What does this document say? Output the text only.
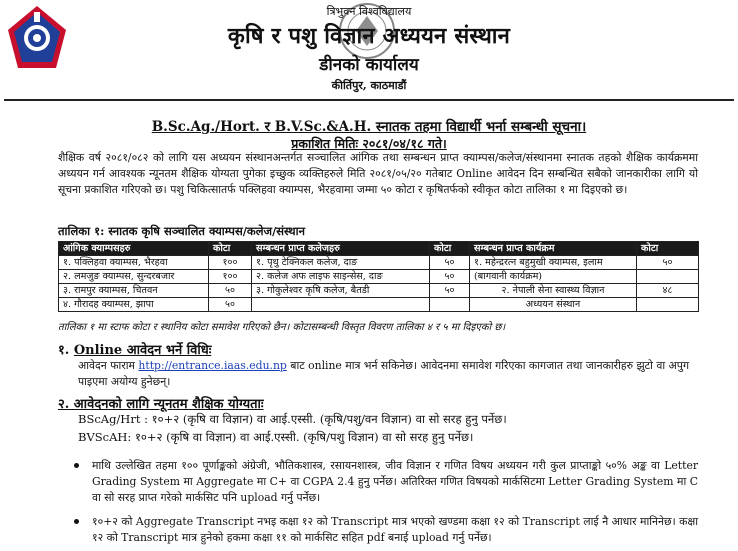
त्रिभुवन विश्वविद्यालय
कृषि र पशु विज्ञान अध्ययन संस्थान
डीनको कार्यालय
कीर्तिपुर, काठमाडौं
B.Sc.Ag./Hort. र B.V.Sc.&A.H. स्नातक तहमा विद्यार्थी भर्ना सम्बन्धी सूचना।
प्रकाशित मितिः २०८१/०४/१८ गते।
शैक्षिक वर्ष २०८१/०८२ को लागि यस अध्ययन संस्थानअन्तर्गत सञ्चालित आंगिक तथा सम्बन्धन प्राप्त क्याम्पस/कलेज/संस्थानमा स्नातक तहको शैक्षिक कार्यक्रममा अध्ययन गर्न आवश्यक न्यूनतम शैक्षिक योग्यता पुगेका इच्छुक व्यक्तिहरुले मिति २०८१/०५/२० गतेबाट Online आवेदन दिन सम्बन्धित सबैको जानकारीका लागि यो सूचना प्रकाशित गरिएको छ। पशु चिकित्सातर्फ पक्लिहवा क्याम्पस, भैरहवामा जम्मा ५० कोटा र कृषितर्फको स्वीकृत कोटा तालिका १ मा दिइएको छ।
तालिका १: स्नातक कृषि सञ्चालित क्याम्पस/कलेज/संस्थान
आंगिक क्याम्पसहरु	कोटा	सम्बन्धन प्राप्त कलेजहरु	कोटा	सम्बन्धन प्राप्त कार्यक्रम	कोटा
१. पक्लिहवा क्याम्पस, भैरहवा	१००	१. पृथु टेक्निकल कलेज, दाङ	५०	१. महेन्द्ररत्न बहुमुखी क्याम्पस, इलाम	५०
२. लमजुङ क्याम्पस, सुन्दरबजार	१००	२. कलेज अफ लाइफ साइन्सेस, दाङ	५०	(बागवानी कार्यक्रम)	
३. रामपुर क्याम्पस, चितवन	५०	३. गोकुलेश्वर कृषि कलेज, बैतडी	५०	२. नेपाली सेना स्वास्थ्य विज्ञान	४८
४. गौरादह क्याम्पस, झापा	५०			अध्ययन संस्थान	
तालिका १ मा स्टाफ कोटा र स्थानिय कोटा समावेश गरिएको छैन। कोटासम्बन्धी विस्तृत विवरण तालिका ४ र ५ मा दिइएको छ।
१. Online आवेदन भर्ने विधिः
आवेदन फाराम http://entrance.iaas.edu.np बाट online मात्र भर्न सकिनेछ। आवेदनमा समावेश गरिएका कागजात तथा जानकारीहरु झुटो वा अपुग पाइएमा अयोग्य हुनेछन्।
२. आवेदनको लागि न्यूनतम शैक्षिक योग्यताः
BScAg/Hrt : १०+२ (कृषि वा विज्ञान) वा आई.एस्सी. (कृषि/पशु/वन विज्ञान) वा सो सरह हुनु पर्नेछ।
BVScAH: १०+२ (कृषि वा विज्ञान) वा आई.एस्सी. (कृषि/पशु विज्ञान) वा सो सरह हुनु पर्नेछ।
माथि उल्लेखित तहमा १०० पूर्णाङ्कको अंग्रेजी, भौतिकशास्त्र, रसायनशास्त्र, जीव विज्ञान र गणित विषय अध्ययन गरी कुल प्राप्ताङ्को ५०% अङ्क वा Letter Grading System मा Aggregate मा C+ वा CGPA 2.4 हुनु पर्नेछ। अतिरिक्त गणित विषयको मार्कसिटमा Letter Grading System मा C वा सो सरह प्राप्त गरेको मार्कसिट पनि upload गर्नु पर्नेछ।
१०+२ को Aggregate Transcript नभइ कक्षा १२ को Transcript मात्र भएको खण्डमा कक्षा १२ को Transcript लाई नै आधार मानिनेछ। कक्षा १२ को Transcript मात्र हुनेको हकमा कक्षा ११ को मार्कसिट सहित pdf बनाई upload गर्नु पर्नेछ।
